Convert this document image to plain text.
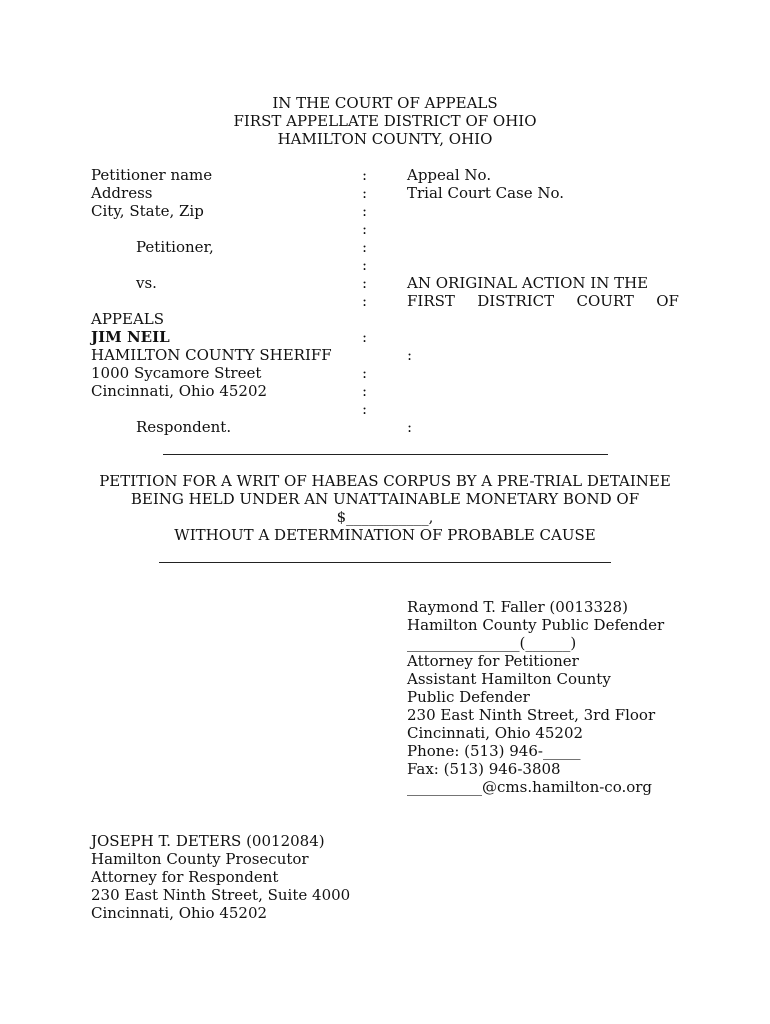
IN THE COURT OF APPEALS
FIRST APPELLATE DISTRICT OF OHIO
HAMILTON COUNTY, OHIO
Petitioner name
Address
City, State, Zip
Petitioner,
vs.
APPEALS
JIM NEIL
HAMILTON COUNTY SHERIFF
1000 Sycamore Street
Cincinnati, Ohio 45202
Respondent.
:
:
:
:
:
:
:
:
:
:
:
:
:
:
Appeal No.
Trial Court Case No.
AN ORIGINAL ACTION IN THE
FIRST DISTRICT COURT OF
PETITION FOR A WRIT OF HABEAS CORPUS BY A PRE-TRIAL DETAINEE
BEING HELD UNDER AN UNATTAINABLE MONETARY BOND OF
$___________,
WITHOUT A DETERMINATION OF PROBABLE CAUSE
Raymond T. Faller (0013328)
Hamilton County Public Defender
_______________(______)
Attorney for Petitioner
Assistant Hamilton County
Public Defender
230 East Ninth Street, 3rd Floor
Cincinnati, Ohio 45202
Phone: (513) 946-_____
Fax: (513) 946-3808
__________@cms.hamilton-co.org
JOSEPH T. DETERS (0012084)
Hamilton County Prosecutor
Attorney for Respondent
230 East Ninth Street, Suite 4000
Cincinnati, Ohio 45202
